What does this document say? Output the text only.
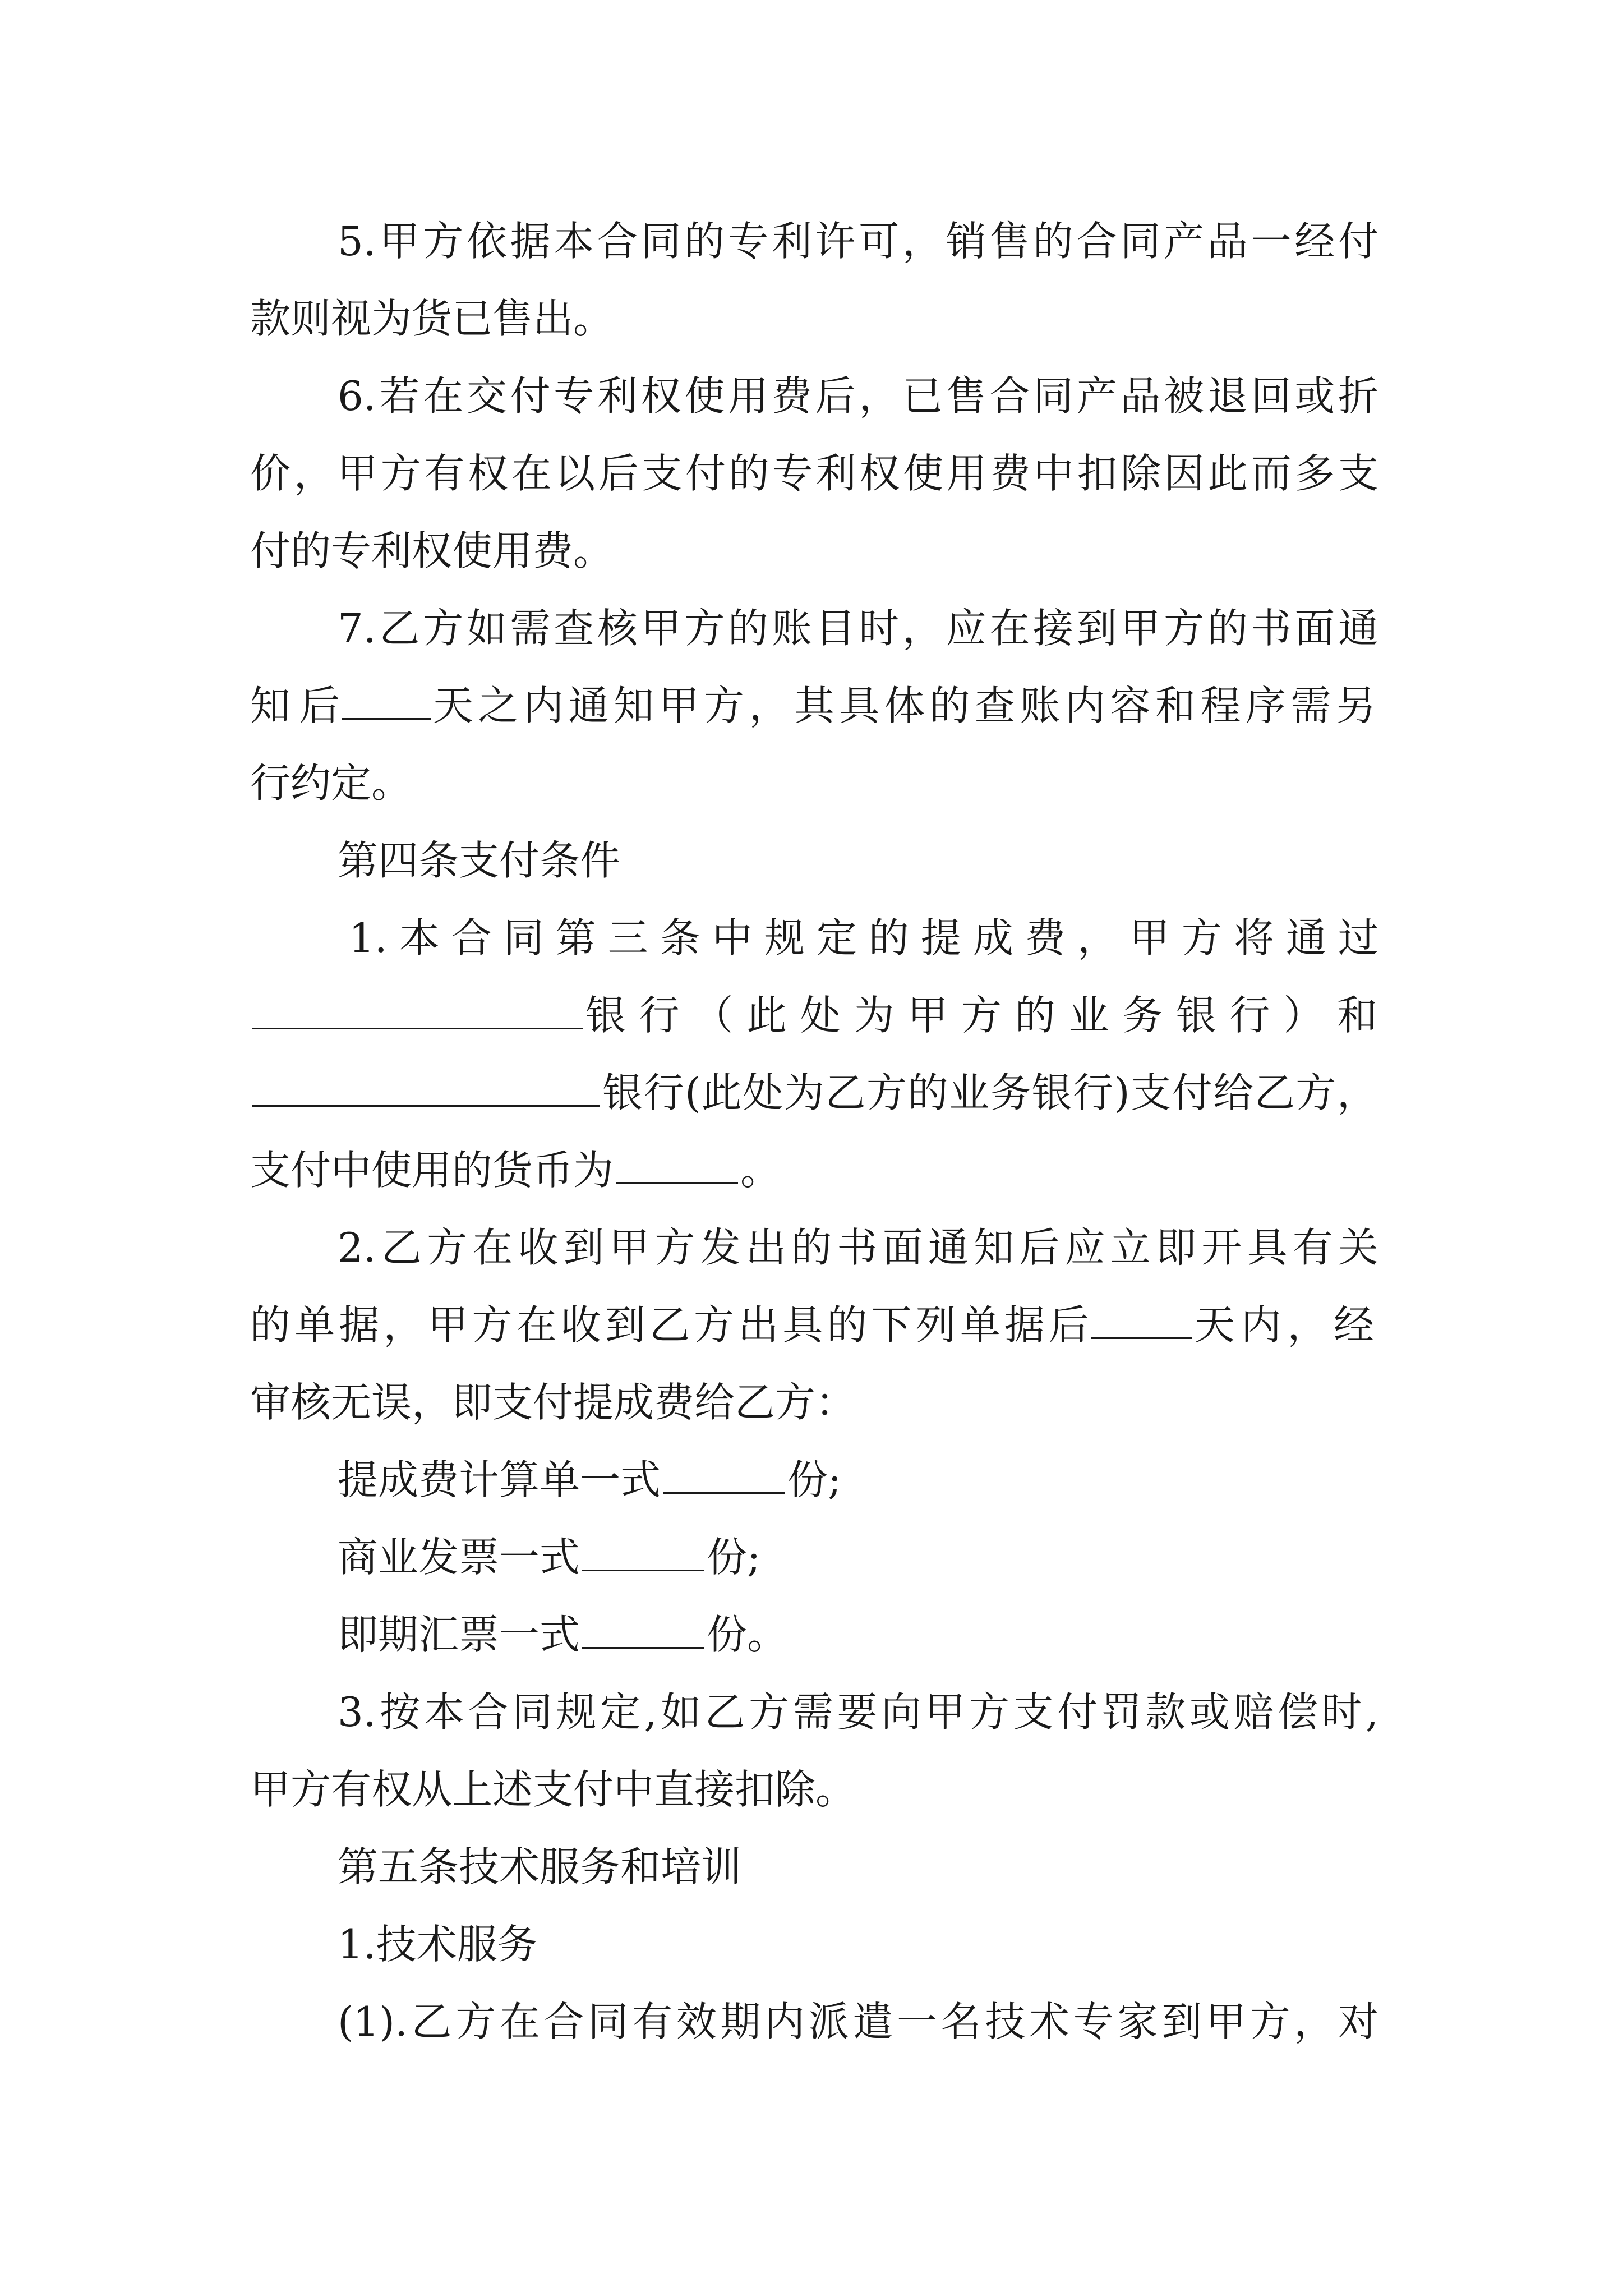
5.甲方依据本合同的专利许可，销售的合同产品一经付
款则视为货已售出。
6.若在交付专利权使用费后，已售合同产品被退回或折
价，甲方有权在以后支付的专利权使用费中扣除因此而多支
付的专利权使用费。
7.乙方如需查核甲方的账目时，应在接到甲方的书面通
知后 天之内通知甲方，其具体的查账内容和程序需另
行约定。
第四条支付条件
1.本合同第三条中规定的提成费，甲方将通过
银行（此处为甲方的业务银行）和
银行(此处为乙方的业务银行)支付给乙方，
支付中使用的货币为	。
2.乙方在收到甲方发出的书面通知后应立即开具有关
的单据，甲方在收到乙方出具的下列单据后	天内，经
审核无误，即支付提成费给乙方：
提成费计算单一式	份;
商业发票一式	份;
即期汇票一式	份。
3.按本合同规定,如乙方需要向甲方支付罚款或赔偿时,
甲方有权从上述支付中直接扣除。
第五条技术服务和培训
1.技术服务
(1).乙方在合同有效期内派遣一名技术专家到甲方，对
